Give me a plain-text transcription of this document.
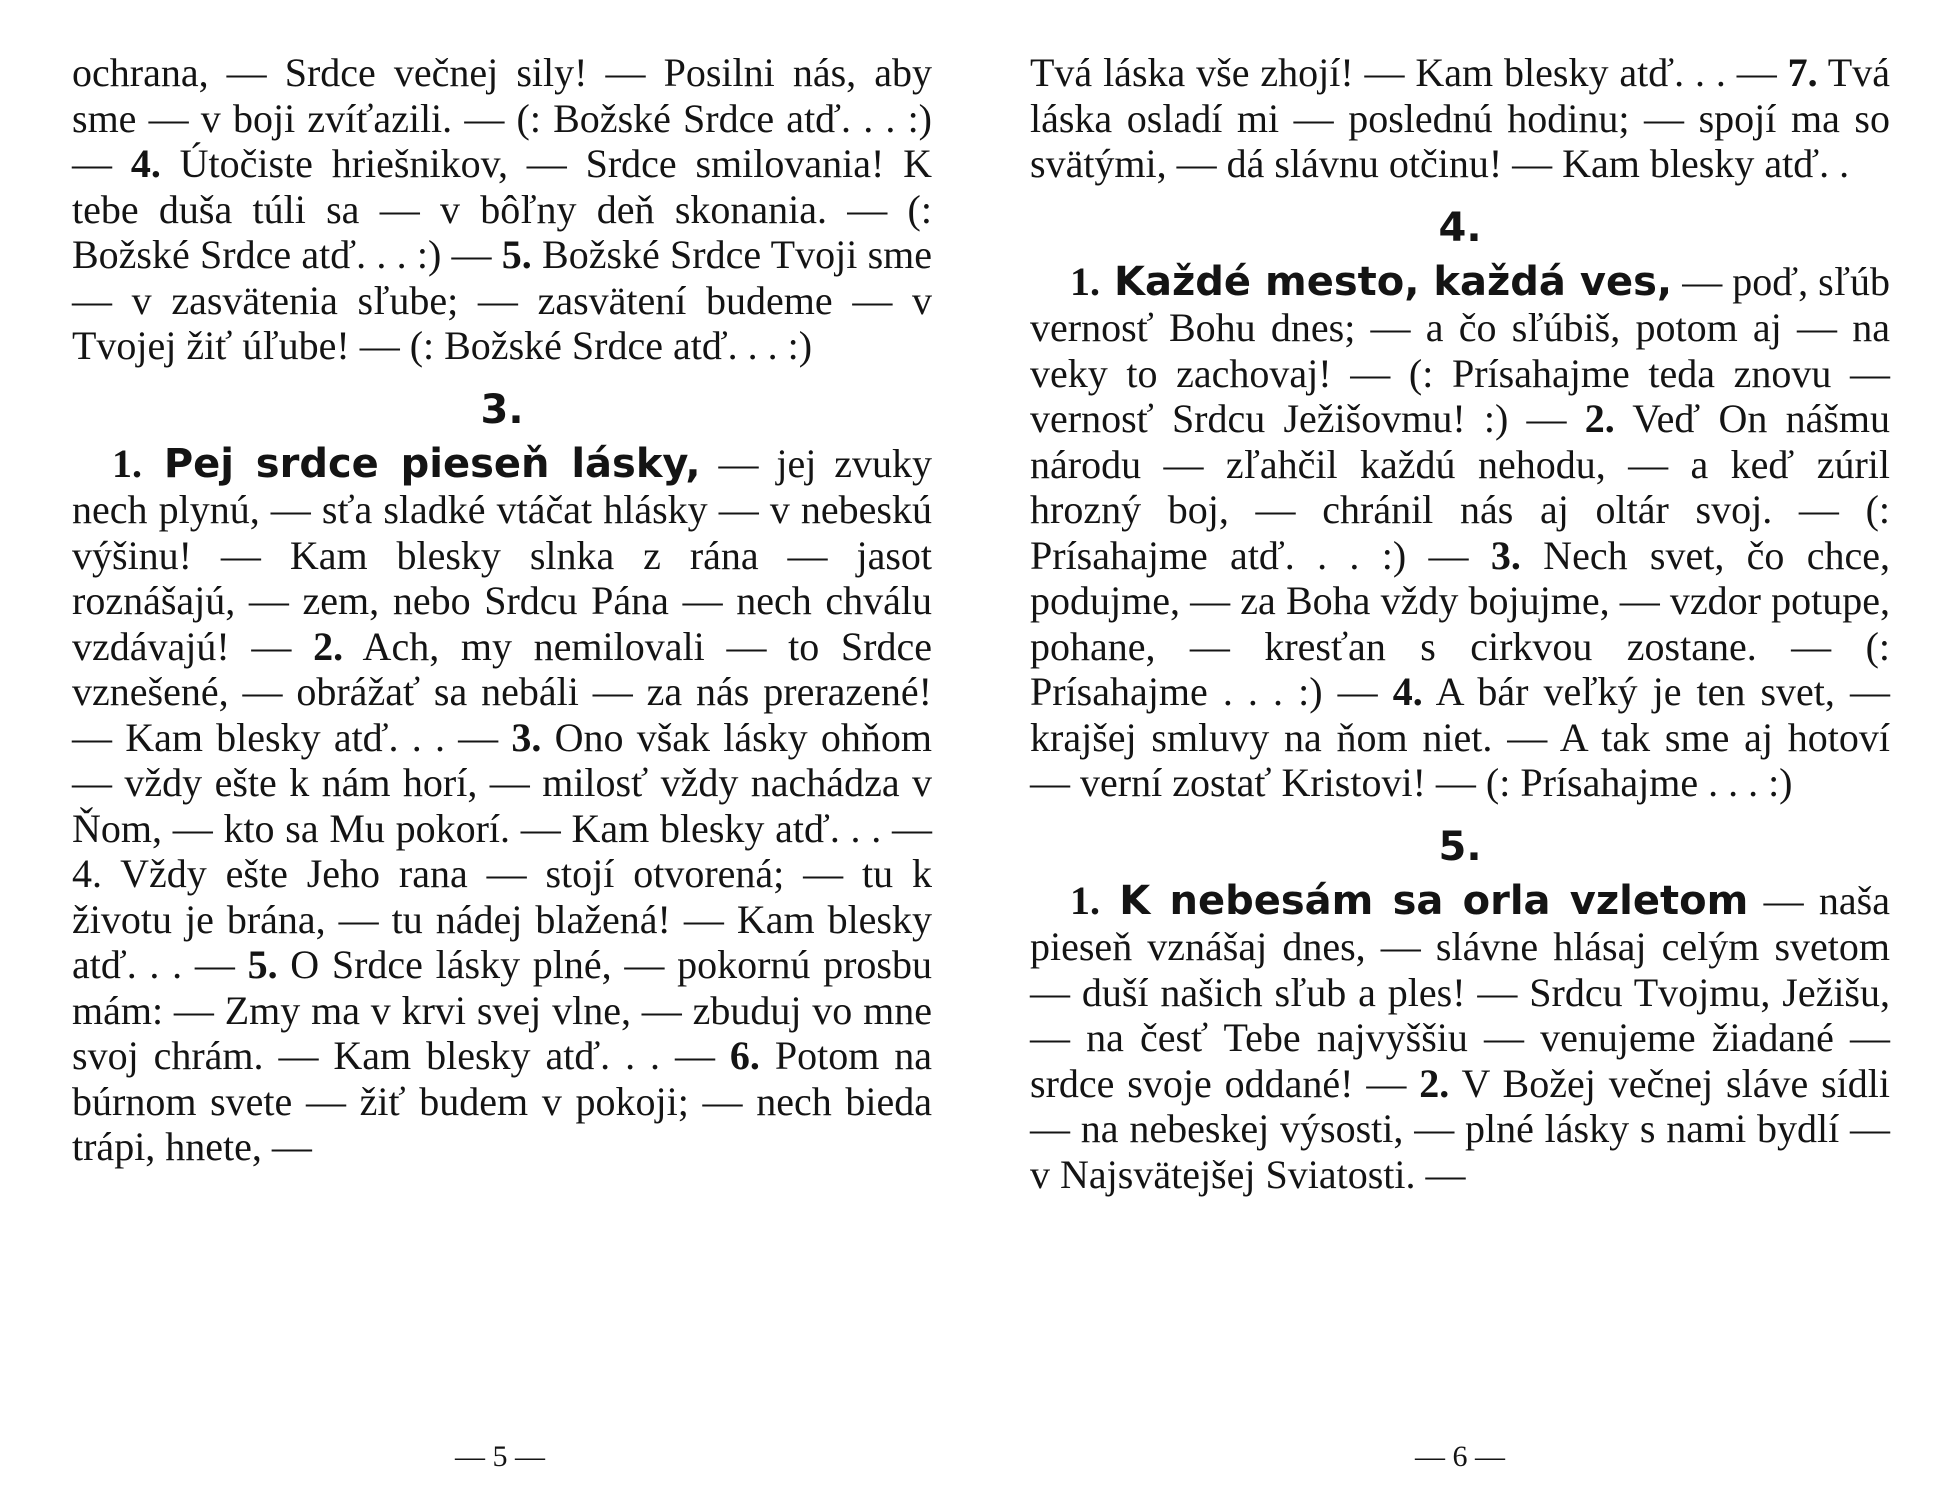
ochrana, — Srdce večnej sily! — Posilni nás, aby sme — v boji zvíťazili. — (: Božské Srdce atď. . . :) — 4. Útočiste hriešnikov, — Srdce smilovania! K tebe duša túli sa — v bôľny deň skonania. — (: Božské Srdce atď. . . :) — 5. Božské Srdce Tvoji sme — v zasvätenia sľube; — zasvätení budeme — v Tvojej žiť úľube! — (: Božské Srdce atď. . . :)

3.

1. Pej srdce pieseň lásky, — jej zvuky nech plynú, — sťa sladké vtáčat hlásky — v nebeskú výšinu! — Kam blesky slnka z rána — jasot roznášajú, — zem, nebo Srdcu Pána — nech chválu vzdávajú! — 2. Ach, my nemilovali — to Srdce vznešené, — obrážať sa nebáli — za nás prerazené! — Kam blesky atď. . . — 3. Ono však lásky ohňom — vždy ešte k nám horí, — milosť vždy nachádza v Ňom, — kto sa Mu pokorí. — Kam blesky atď. . . — 4. Vždy ešte Jeho rana — stojí otvorená; — tu k životu je brána, — tu nádej blažená! — Kam blesky atď. . . — 5. O Srdce lásky plné, — pokornú prosbu mám: — Zmy ma v krvi svej vlne, — zbuduj vo mne svoj chrám. — Kam blesky atď. . . — 6. Potom na búrnom svete — žiť budem v pokoji; — nech bieda trápi, hnete, —

— 5 —

Tvá láska vše zhojí! — Kam blesky atď. . . — 7. Tvá láska osladí mi — poslednú hodinu; — spojí ma so svätými, — dá slávnu otčinu! — Kam blesky atď. .

4.

1. Každé mesto, každá ves, — poď, sľúb vernosť Bohu dnes; — a čo sľúbiš, potom aj — na veky to zachovaj! — (: Prísahajme teda znovu — vernosť Srdcu Ježišovmu! :) — 2. Veď On nášmu národu — zľahčil každú nehodu, — a keď zúril hrozný boj, — chránil nás aj oltár svoj. — (: Prísahajme atď. . . :) — 3. Nech svet, čo chce, podujme, — za Boha vždy bojujme, — vzdor potupe, pohane, — kresťan s cirkvou zostane. — (: Prísahajme . . . :) — 4. A bár veľký je ten svet, — krajšej smluvy na ňom niet. — A tak sme aj hotoví — verní zostať Kristovi! — (: Prísahajme . . . :)

5.

1. K nebesám sa orla vzletom — naša pieseň vznášaj dnes, — slávne hlásaj celým svetom — duší našich sľub a ples! — Srdcu Tvojmu, Ježišu, — na česť Tebe najvyššiu — venujeme žiadané — srdce svoje oddané! — 2. V Božej večnej sláve sídli — na nebeskej výsosti, — plné lásky s nami bydlí — v Najsvätejšej Sviatosti. —

— 6 —
